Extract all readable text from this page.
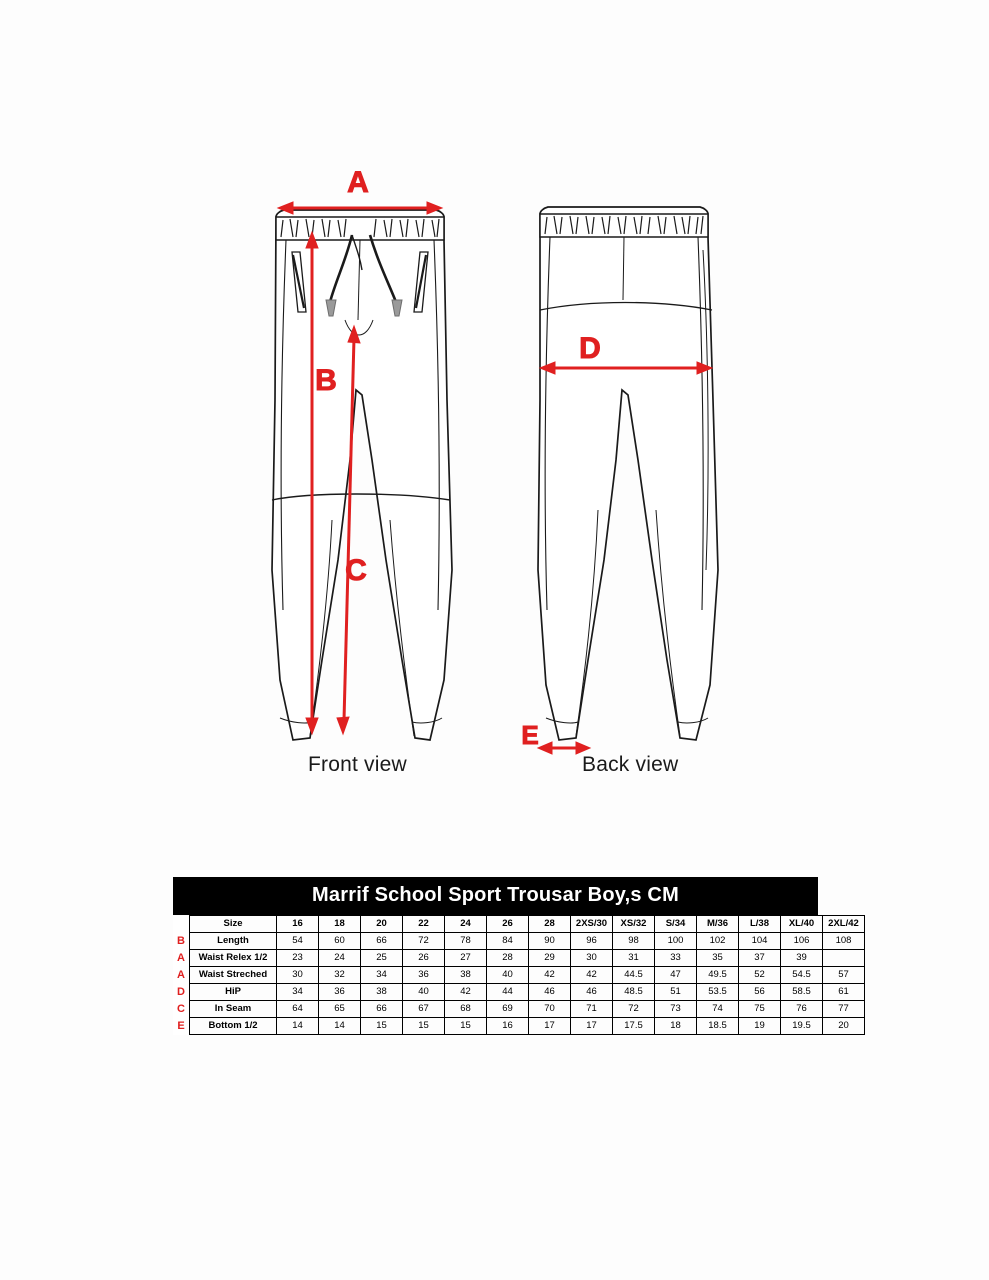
A
B
C
D
E
Front view	Back view
Marrif School Sport Trousar Boy,s CM
	Size	16	18	20	22	24	26	28	2XS/30	XS/32	S/34	M/36	L/38	XL/40	2XL/42
B	Length	54	60	66	72	78	84	90	96	98	100	102	104	106	108
A	Waist Relex 1/2	23	24	25	26	27	28	29	30	31	33	35	37	39	
A	Waist Streched	30	32	34	36	38	40	42	42	44.5	47	49.5	52	54.5	57
D	HiP	34	36	38	40	42	44	46	46	48.5	51	53.5	56	58.5	61
C	In Seam	64	65	66	67	68	69	70	71	72	73	74	75	76	77
E	Bottom 1/2	14	14	15	15	15	16	17	17	17.5	18	18.5	19	19.5	20
